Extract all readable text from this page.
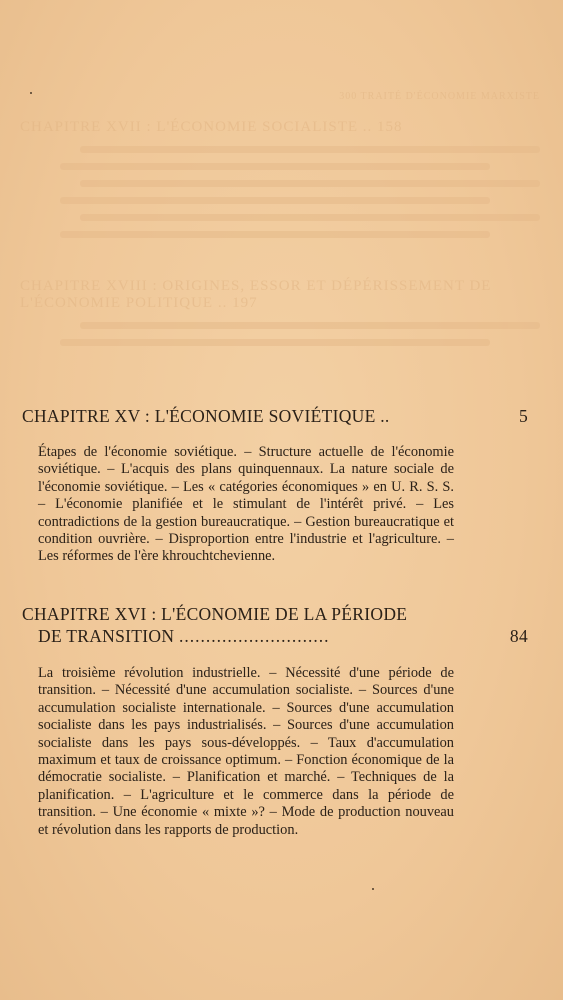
300 TRAITÉ D'ÉCONOMIE MARXISTE
CHAPITRE XVII : L'ÉCONOMIE SOCIALISTE .. 158
CHAPITRE XVIII : ORIGINES, ESSOR ET DÉPÉRISSEMENT DE L'ÉCONOMIE POLITIQUE .. 197
CHAPITRE XV : L'ÉCONOMIE SOVIÉTIQUE ..	5
Étapes de l'économie soviétique. – Structure actuelle de l'économie soviétique. – L'acquis des plans quinquennaux. La nature sociale de l'économie soviétique. – Les « catégories économiques » en U. R. S. S. – L'économie planifiée et le stimulant de l'intérêt privé. – Les contradictions de la gestion bureaucratique. – Gestion bureaucratique et condition ouvrière. – Disproportion entre l'industrie et l'agriculture. – Les réformes de l'ère khrouchtchevienne.
CHAPITRE XVI : L'ÉCONOMIE DE LA PÉRIODE
DE TRANSITION ............................	84
La troisième révolution industrielle. – Nécessité d'une période de transition. – Nécessité d'une accumulation socialiste. – Sources d'une accumulation socialiste internationale. – Sources d'une accumulation socialiste dans les pays industrialisés. – Sources d'une accumulation socialiste dans les pays sous-développés. – Taux d'accumulation maximum et taux de croissance optimum. – Fonction économique de la démocratie socialiste. – Planification et marché. – Techniques de la planification. – L'agriculture et le commerce dans la période de transition. – Une économie « mixte »? – Mode de production nouveau et révolution dans les rapports de production.
